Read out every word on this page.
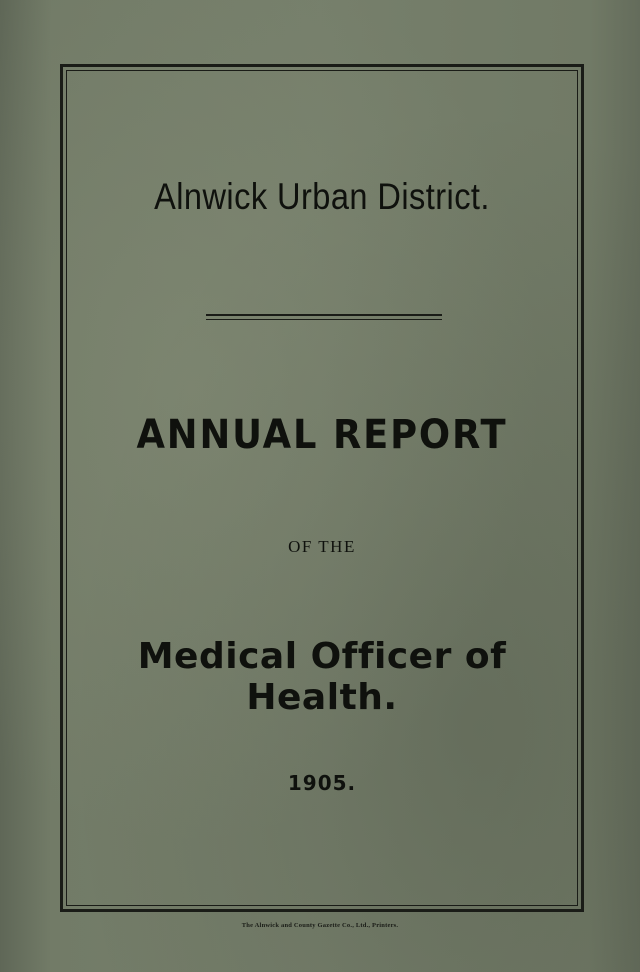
Alnwick Urban District.
ANNUAL REPORT
OF THE
Medical Officer of Health.
1905.
The Alnwick and County Gazette Co., Ltd., Printers.
